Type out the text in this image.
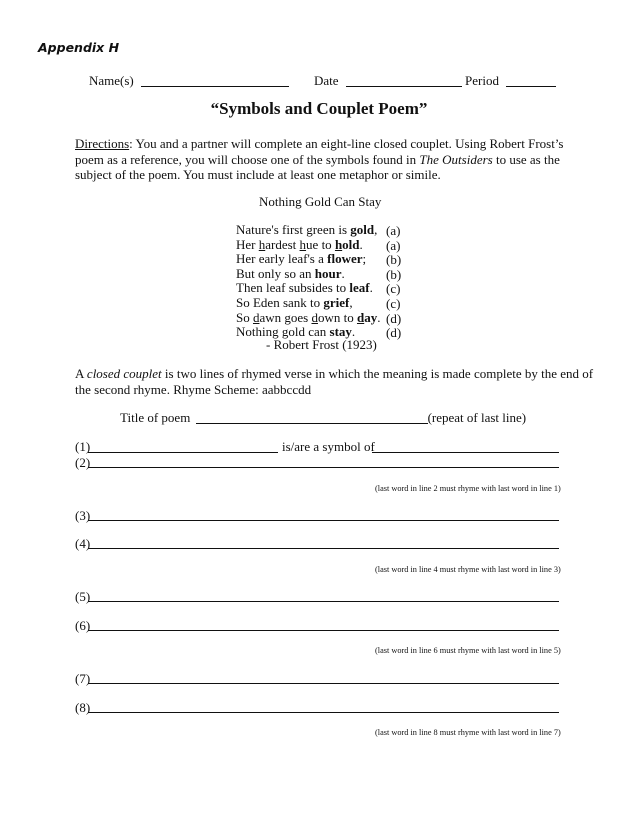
Appendix H
Name(s)	Date	Period
“Symbols and Couplet Poem”
Directions: You and a partner will complete an eight-line closed couplet. Using Robert Frost’s poem as a reference, you will choose one of the symbols found in The Outsiders to use as the subject of the poem. You must include at least one metaphor or simile.
Nothing Gold Can Stay
Nature's first green is gold, (a)
Her hardest hue to hold. (a)
Her early leaf's a flower; (b)
But only so an hour.	(b)
Then leaf subsides to leaf. (c)
So Eden sank to grief,	(c)
So dawn goes down to day. (d)
Nothing gold can stay. (d)
- Robert Frost (1923)
A closed couplet is two lines of rhymed verse in which the meaning is made complete by the end of the second rhyme. Rhyme Scheme: aabbccdd
Title of poem	(repeat of last line)
(1)	is/are a symbol of
(2)
(last word in line 2 must rhyme with last word in line 1)
(3)
(4)
(last word in line 4 must rhyme with last word in line 3)
(5)
(6)
(last word in line 6 must rhyme with last word in line 5)
(7)
(8)
(last word in line 8 must rhyme with last word in line 7)
